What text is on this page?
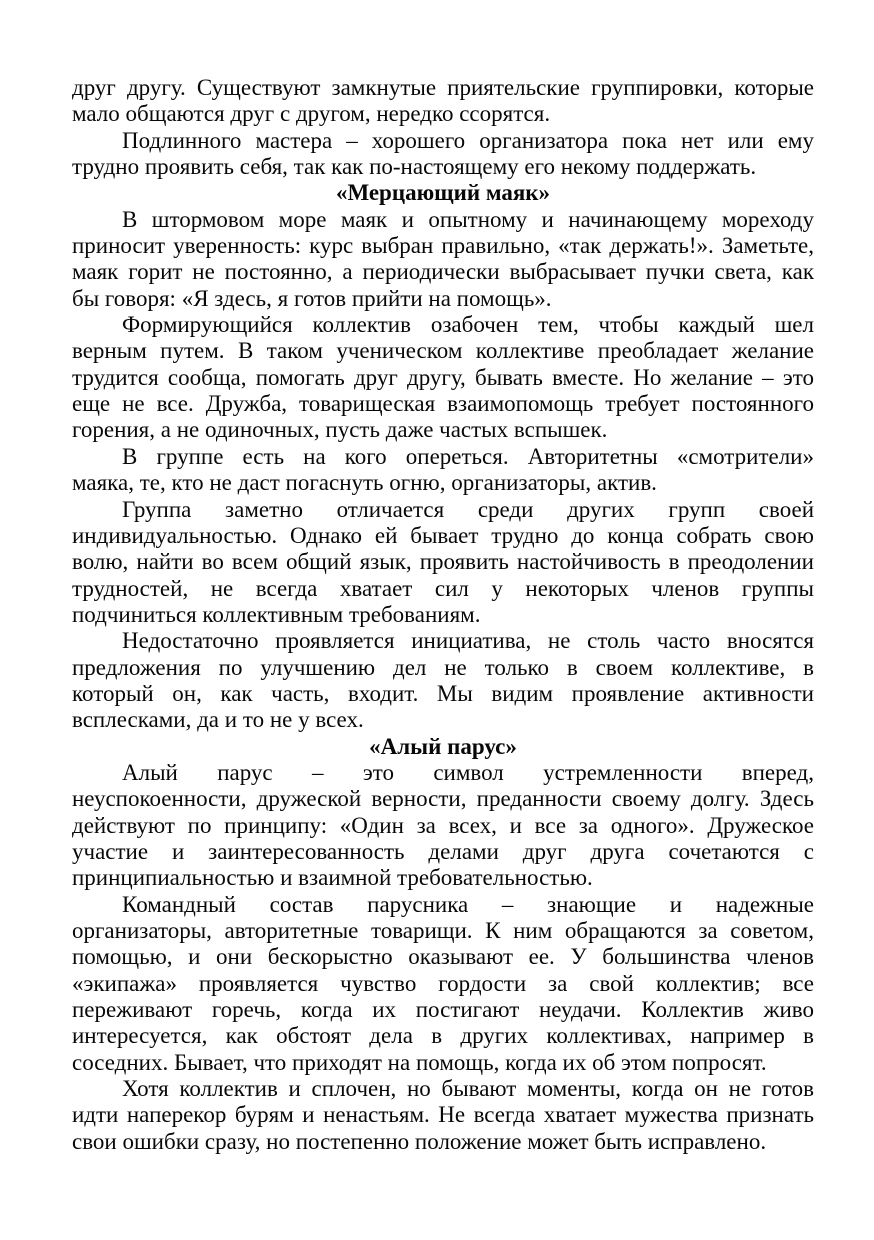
друг другу. Существуют замкнутые приятельские группировки, которые
мало общаются друг с другом, нередко ссорятся.
Подлинного мастера – хорошего организатора пока нет или ему
трудно проявить себя, так как по-настоящему его некому поддержать.
«Мерцающий маяк»
В штормовом море маяк и опытному и начинающему мореходу
приносит уверенность: курс выбран правильно, «так держать!». Заметьте,
маяк горит не постоянно, а периодически выбрасывает пучки света, как
бы говоря: «Я здесь, я готов прийти на помощь».
Формирующийся коллектив озабочен тем, чтобы каждый шел
верным путем. В таком ученическом коллективе преобладает желание
трудится сообща, помогать друг другу, бывать вместе. Но желание – это
еще не все. Дружба, товарищеская взаимопомощь требует постоянного
горения, а не одиночных, пусть даже частых вспышек.
В группе есть на кого опереться. Авторитетны «смотрители»
маяка, те, кто не даст погаснуть огню, организаторы, актив.
Группа заметно отличается среди других групп своей
индивидуальностью. Однако ей бывает трудно до конца собрать свою
волю, найти во всем общий язык, проявить настойчивость в преодолении
трудностей, не всегда хватает сил у некоторых членов группы
подчиниться коллективным требованиям.
Недостаточно проявляется инициатива, не столь часто вносятся
предложения по улучшению дел не только в своем коллективе, в
который он, как часть, входит. Мы видим проявление активности
всплесками, да и то не у всех.
«Алый парус»
Алый парус – это символ устремленности вперед,
неуспокоенности, дружеской верности, преданности своему долгу. Здесь
действуют по принципу: «Один за всех, и все за одного». Дружеское
участие и заинтересованность делами друг друга сочетаются с
принципиальностью и взаимной требовательностью.
Командный состав парусника – знающие и надежные
организаторы, авторитетные товарищи. К ним обращаются за советом,
помощью, и они бескорыстно оказывают ее. У большинства членов
«экипажа» проявляется чувство гордости за свой коллектив; все
переживают горечь, когда их постигают неудачи. Коллектив живо
интересуется, как обстоят дела в других коллективах, например в
соседних. Бывает, что приходят на помощь, когда их об этом попросят.
Хотя коллектив и сплочен, но бывают моменты, когда он не готов
идти наперекор бурям и ненастьям. Не всегда хватает мужества признать
свои ошибки сразу, но постепенно положение может быть исправлено.
